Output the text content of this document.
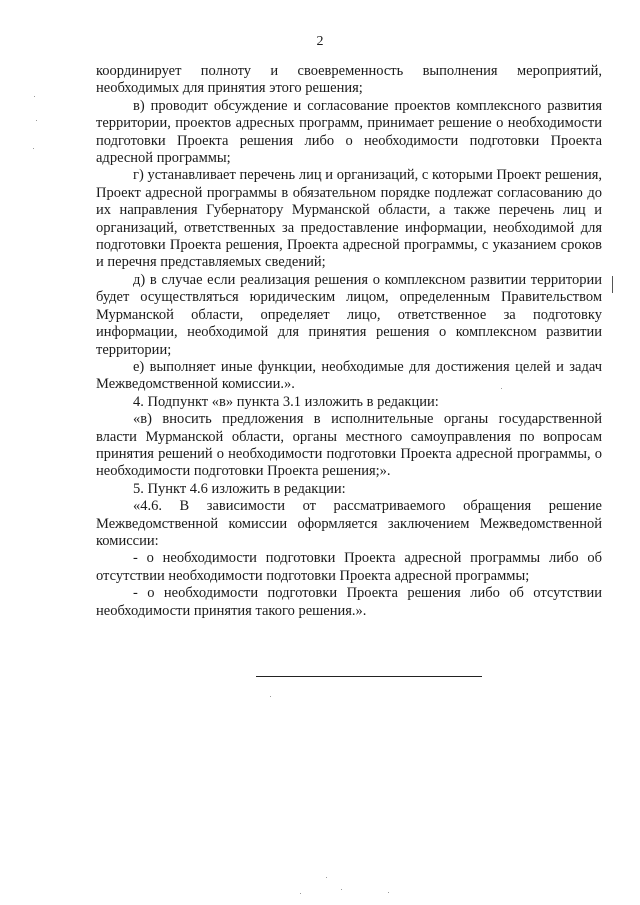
2

координирует полноту и своевременность выполнения мероприятий, необходимых для принятия этого решения;

в) проводит обсуждение и согласование проектов комплексного развития территории, проектов адресных программ, принимает решение о необходимости подготовки Проекта решения либо о необходимости подготовки Проекта адресной программы;

г) устанавливает перечень лиц и организаций, с которыми Проект решения, Проект адресной программы в обязательном порядке подлежат согласованию до их направления Губернатору Мурманской области, а также перечень лиц и организаций, ответственных за предоставление информации, необходимой для подготовки Проекта решения, Проекта адресной программы, с указанием сроков и перечня представляемых сведений;

д) в случае если реализация решения о комплексном развитии территории будет осуществляться юридическим лицом, определенным Правительством Мурманской области, определяет лицо, ответственное за подготовку информации, необходимой для принятия решения о комплексном развитии территории;

е) выполняет иные функции, необходимые для достижения целей и задач Межведомственной комиссии.».

4. Подпункт «в» пункта 3.1 изложить в редакции:

«в) вносить предложения в исполнительные органы государственной власти Мурманской области, органы местного самоуправления по вопросам принятия решений о необходимости подготовки Проекта адресной программы, о необходимости подготовки Проекта решения;».

5. Пункт 4.6 изложить в редакции:

«4.6. В зависимости от рассматриваемого обращения решение Межведомственной комиссии оформляется заключением Межведомственной комиссии:

- о необходимости подготовки Проекта адресной программы либо об отсутствии необходимости подготовки Проекта адресной программы;

- о необходимости подготовки Проекта решения либо об отсутствии необходимости принятия такого решения.».
